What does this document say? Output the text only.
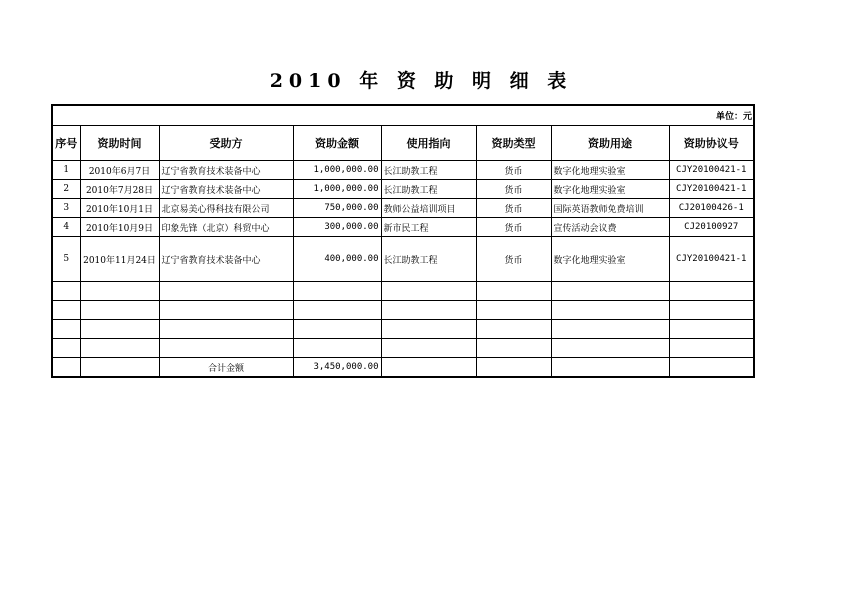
2010 年 资 助 明 细 表
单位：元							
序号	资助时间	受助方	资助金额	使用指向	资助类型	资助用途	资助协议号
1	2010年6月7日	辽宁省教育技术装备中心	1,000,000.00	长江助教工程	货币	数字化地理实验室	CJY20100421-1
2	2010年7月28日	辽宁省教育技术装备中心	1,000,000.00	长江助教工程	货币	数字化地理实验室	CJY20100421-1
3	2010年10月1日	北京易美心得科技有限公司	750,000.00	教师公益培训项目	货币	国际英语教师免费培训	CJ20100426-1
4	2010年10月9日	印象先锋（北京）科贸中心	300,000.00	新市民工程	货币	宣传活动会议费	CJ20100927
5	2010年11月24日	辽宁省教育技术装备中心	400,000.00	长江助教工程	货币	数字化地理实验室	CJY20100421-1

		合计金额	3,450,000.00				
